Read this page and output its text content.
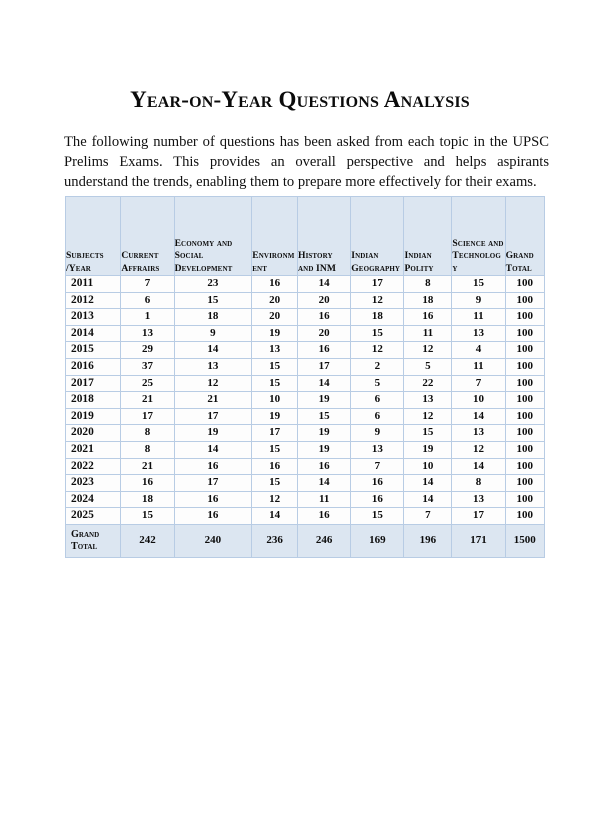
Year-on-Year Questions Analysis

The following number of questions has been asked from each topic in the UPSC Prelims Exams. This provides an overall perspective and helps aspirants understand the trends, enabling them to prepare more effectively for their exams.

Subjects /Year	Current Affrairs	Economy and Social Development	Environment	History and INM	Indian Geography	Indian Polity	Science and Technology	Grand Total
2011	7	23	16	14	17	8	15	100
2012	6	15	20	20	12	18	9	100
2013	1	18	20	16	18	16	11	100
2014	13	9	19	20	15	11	13	100
2015	29	14	13	16	12	12	4	100
2016	37	13	15	17	2	5	11	100
2017	25	12	15	14	5	22	7	100
2018	21	21	10	19	6	13	10	100
2019	17	17	19	15	6	12	14	100
2020	8	19	17	19	9	15	13	100
2021	8	14	15	19	13	19	12	100
2022	21	16	16	16	7	10	14	100
2023	16	17	15	14	16	14	8	100
2024	18	16	12	11	16	14	13	100
2025	15	16	14	16	15	7	17	100

Grand
Total	242	240	236	246	169	196	171	1500
